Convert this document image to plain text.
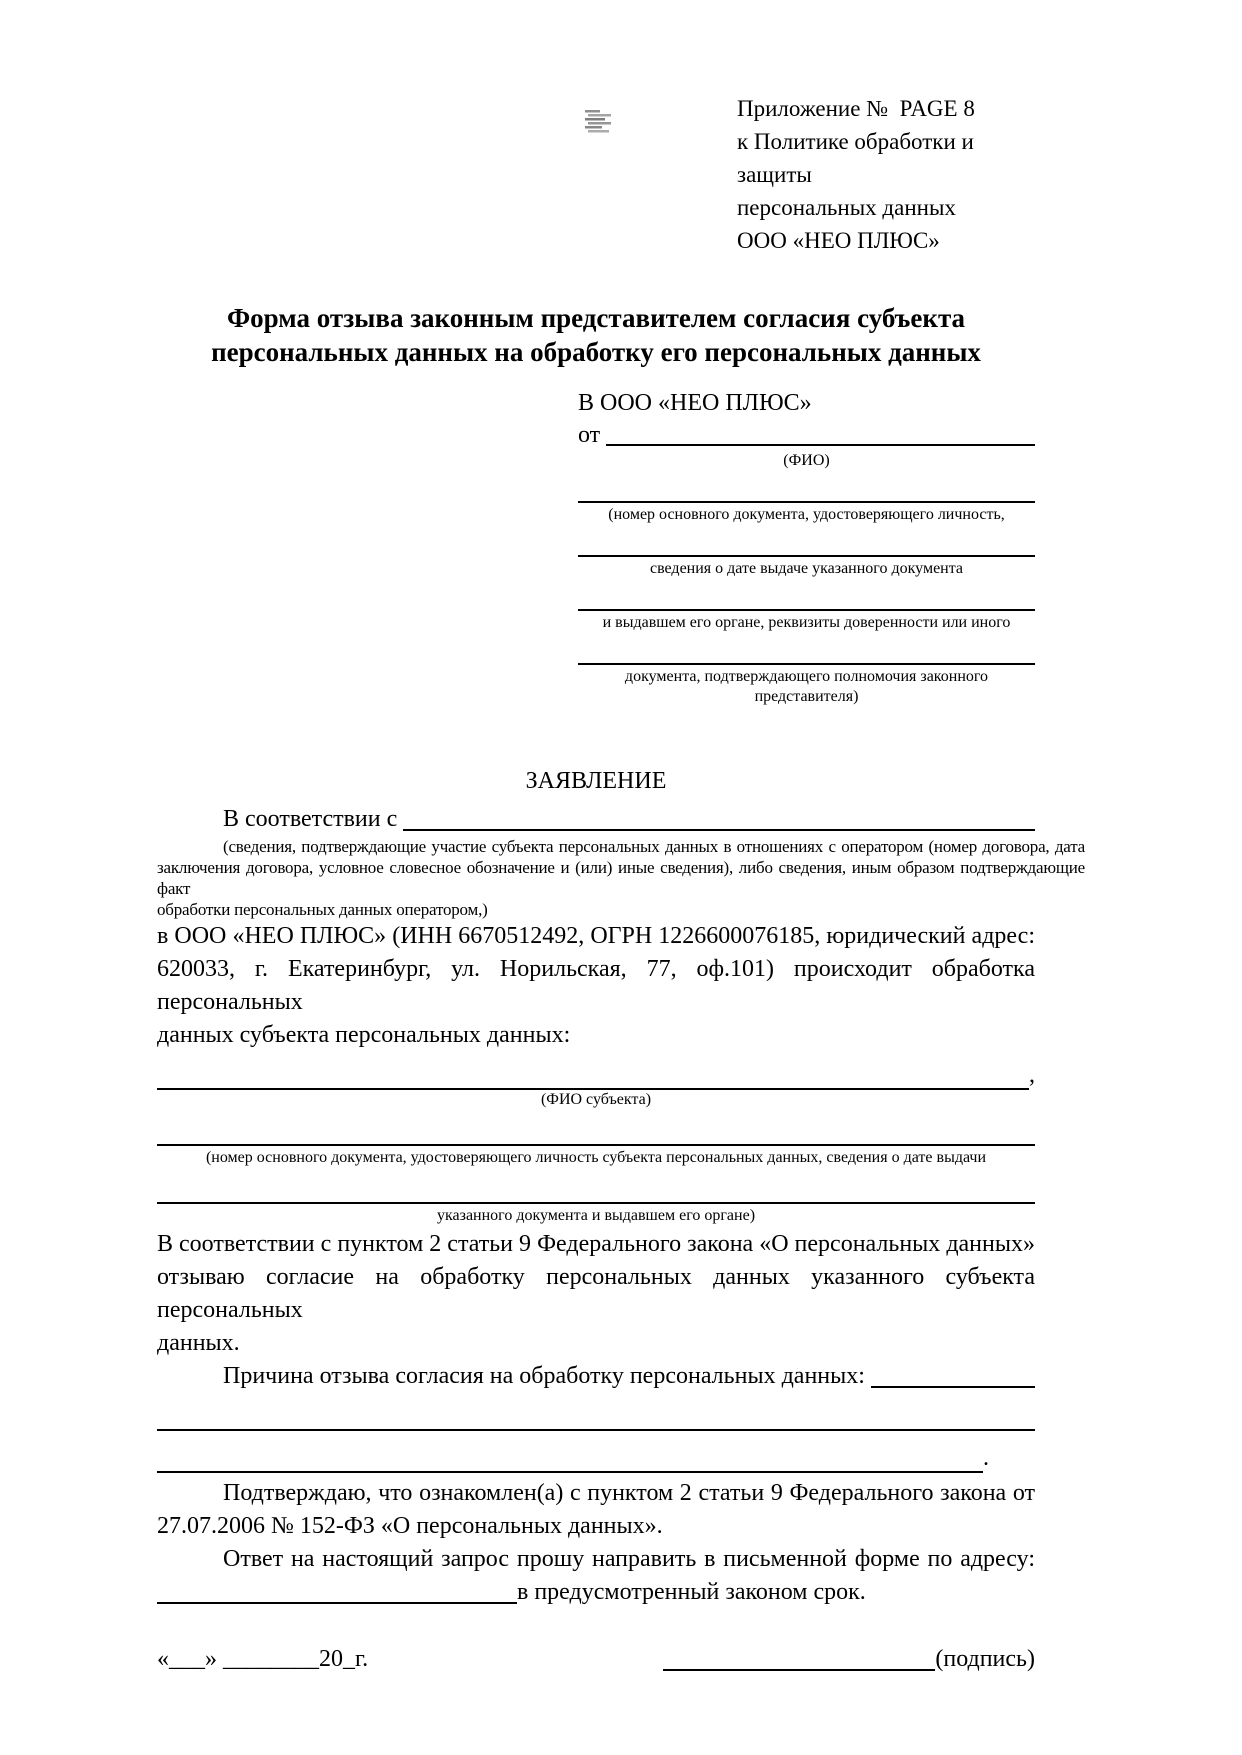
Приложение №  PAGE 8
к Политике обработки и защиты
персональных данных
ООО «НЕО ПЛЮС»
Форма отзыва законным представителем согласия субъекта персональных данных на обработку его персональных данных
В ООО «НЕО ПЛЮС»
от
(ФИО)
(номер основного документа, удостоверяющего личность,
сведения о дате выдаче указанного документа
и выдавшем его органе, реквизиты доверенности или иного
документа, подтверждающего полномочия законного представителя)
ЗАЯВЛЕНИЕ
В соответствии с
(сведения, подтверждающие участие субъекта персональных данных в отношениях с оператором (номер договора, дата
заключения договора, условное словесное обозначение и (или) иные сведения), либо сведения, иным образом подтверждающие факт
обработки персональных данных оператором,)
в ООО «НЕО ПЛЮС» (ИНН 6670512492, ОГРН 1226600076185, юридический адрес:
620033, г. Екатеринбург, ул. Норильская, 77, оф.101) происходит обработка персональных
данных субъекта персональных данных:
,
(ФИО субъекта)
(номер основного документа, удостоверяющего личность субъекта персональных данных, сведения о дате выдачи
указанного документа и выдавшем его органе)
В соответствии с пунктом 2 статьи 9 Федерального закона «О персональных данных»
отзываю согласие на обработку персональных данных указанного субъекта персональных
данных.
Причина отзыва согласия на обработку персональных данных:
.
Подтверждаю, что ознакомлен(а) с пунктом 2 статьи 9 Федерального закона от
27.07.2006 № 152-ФЗ «О персональных данных».
Ответ на настоящий запрос прошу направить в письменной форме по адресу:
в предусмотренный законом срок.
«___» ________20_г.	(подпись)
